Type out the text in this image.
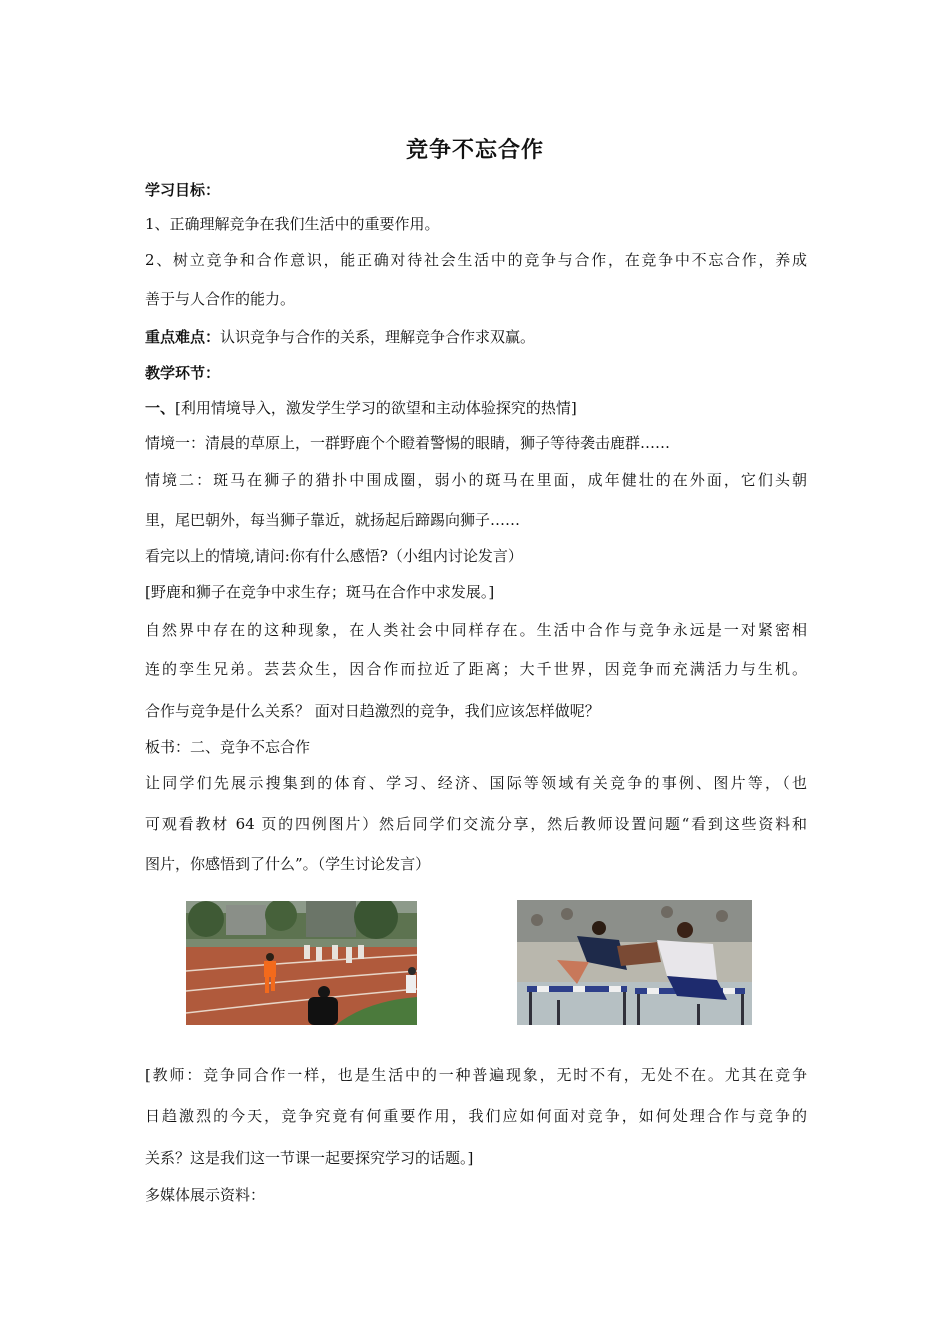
竞争不忘合作
学习目标：
1、正确理解竞争在我们生活中的重要作用。
2、树立竞争和合作意识，能正确对待社会生活中的竞争与合作，在竞争中不忘合作，养成
善于与人合作的能力。
重点难点：认识竞争与合作的关系，理解竞争合作求双赢。
教学环节：
一、[利用情境导入，激发学生学习的欲望和主动体验探究的热情]
情境一：清晨的草原上，一群野鹿个个瞪着警惕的眼睛，狮子等待袭击鹿群……
情境二：斑马在狮子的猎扑中围成圈，弱小的斑马在里面，成年健壮的在外面，它们头朝
里，尾巴朝外，每当狮子靠近，就扬起后蹄踢向狮子……
看完以上的情境,请问:你有什么感悟?（小组内讨论发言）
[野鹿和狮子在竞争中求生存；斑马在合作中求发展。]
自然界中存在的这种现象，在人类社会中同样存在。生活中合作与竞争永远是一对紧密相
连的孪生兄弟。芸芸众生，因合作而拉近了距离；大千世界，因竞争而充满活力与生机。
合作与竞争是什么关系？ 面对日趋激烈的竞争，我们应该怎样做呢？
板书：二、竞争不忘合作
让同学们先展示搜集到的体育、学习、经济、国际等领域有关竞争的事例、图片等，（也
可观看教材 64 页的四例图片）然后同学们交流分享，然后教师设置问题“看到这些资料和
图片，你感悟到了什么”。（学生讨论发言）
[教师：竞争同合作一样，也是生活中的一种普遍现象，无时不有，无处不在。尤其在竞争
日趋激烈的今天，竞争究竟有何重要作用，我们应如何面对竞争，如何处理合作与竞争的
关系？这是我们这一节课一起要探究学习的话题。]
多媒体展示资料：
